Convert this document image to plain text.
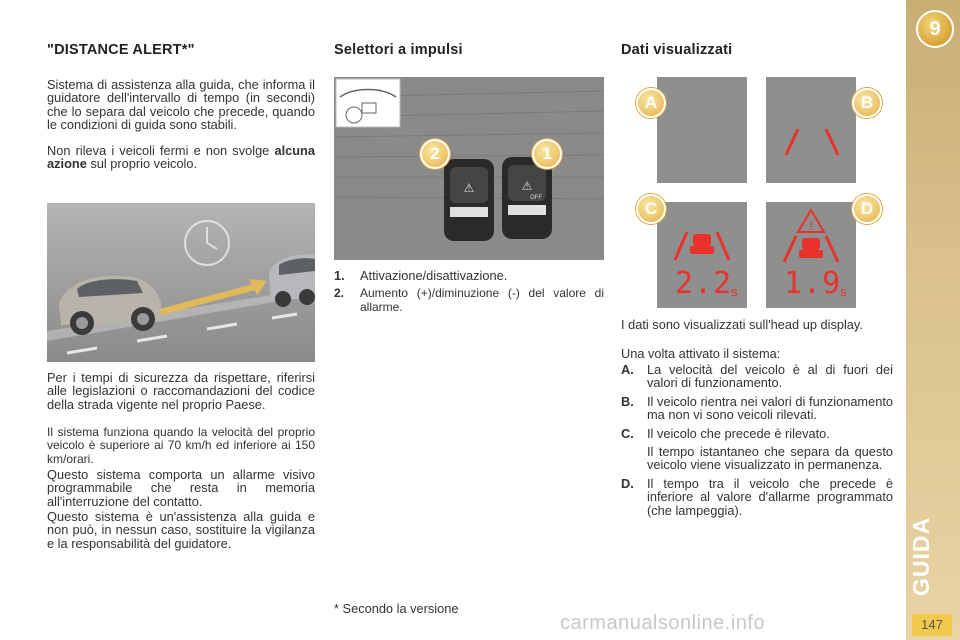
9
GUIDA
147
"DISTANCE ALERT*"

Sistema di assistenza alla guida, che informa il guidatore dell'intervallo di tempo (in secondi) che lo separa dal veicolo che precede, quando le condizioni di guida sono stabili.

Non rileva i veicoli fermi e non svolge alcuna azione sul proprio veicolo.

Per i tempi di sicurezza da rispettare, riferirsi alle legislazioni o raccomandazioni del codice della strada vigente nel proprio Paese.

Il sistema funziona quando la velocità del proprio veicolo è superiore ai 70 km/h ed inferiore ai 150 km/orari.

Questo sistema comporta un allarme visivo programmabile che resta in memoria all'interruzione del contatto.

Questo sistema è un'assistenza alla guida e non può, in nessun caso, sostituire la vigilanza e la responsabilità del guidatore.

Selettori a impulsi
⚠	⚠
OFF
2	1
1.	Attivazione/disattivazione.
2.	Aumento (+)/diminuzione (-) del valore di allarme.
* Secondo la versione
Dati visualizzati
A	B
2.2
s
C
!
1.9
s
D

I dati sono visualizzati sull'head up display.

Una volta attivato il sistema:

A.	La velocità del veicolo è al di fuori dei valori di funzionamento.
B.	Il veicolo rientra nei valori di funzionamento ma non vi sono veicoli rilevati.
C.	Il veicolo che precede è rilevato.
Il tempo istantaneo che separa da questo veicolo viene visualizzato in permanenza.
D.	Il tempo tra il veicolo che precede è inferiore al valore d'allarme programmato (che lampeggia).
carmanualsonline.info
